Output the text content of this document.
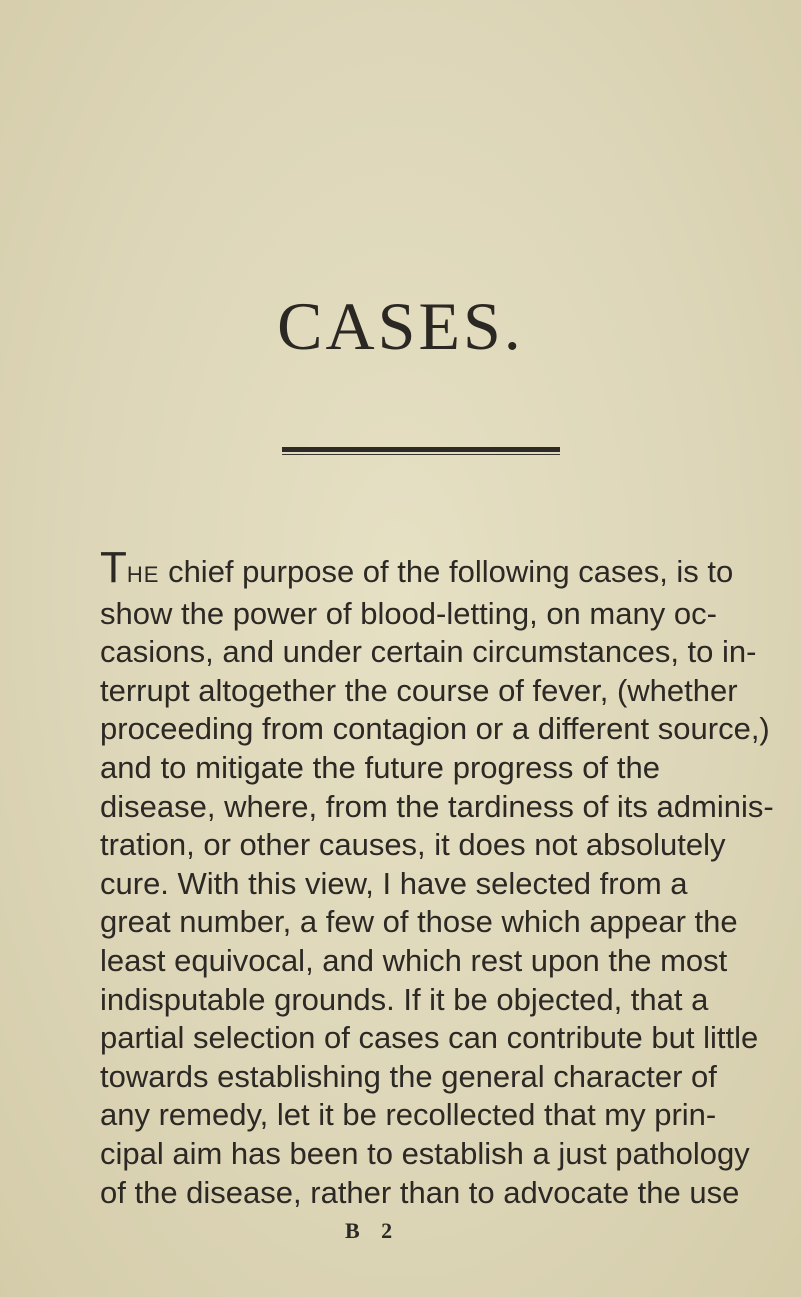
CASES.
THE chief purpose of the following cases, is to
show the power of blood-letting, on many oc-
casions, and under certain circumstances, to in-
terrupt altogether the course of fever, (whether
proceeding from contagion or a different source,)
and to mitigate the future progress of the
disease, where, from the tardiness of its adminis-
tration, or other causes, it does not absolutely
cure. With this view, I have selected from a
great number, a few of those which appear the
least equivocal, and which rest upon the most
indisputable grounds. If it be objected, that a
partial selection of cases can contribute but little
towards establishing the general character of
any remedy, let it be recollected that my prin-
cipal aim has been to establish a just pathology
of the disease, rather than to advocate the use
B 2
